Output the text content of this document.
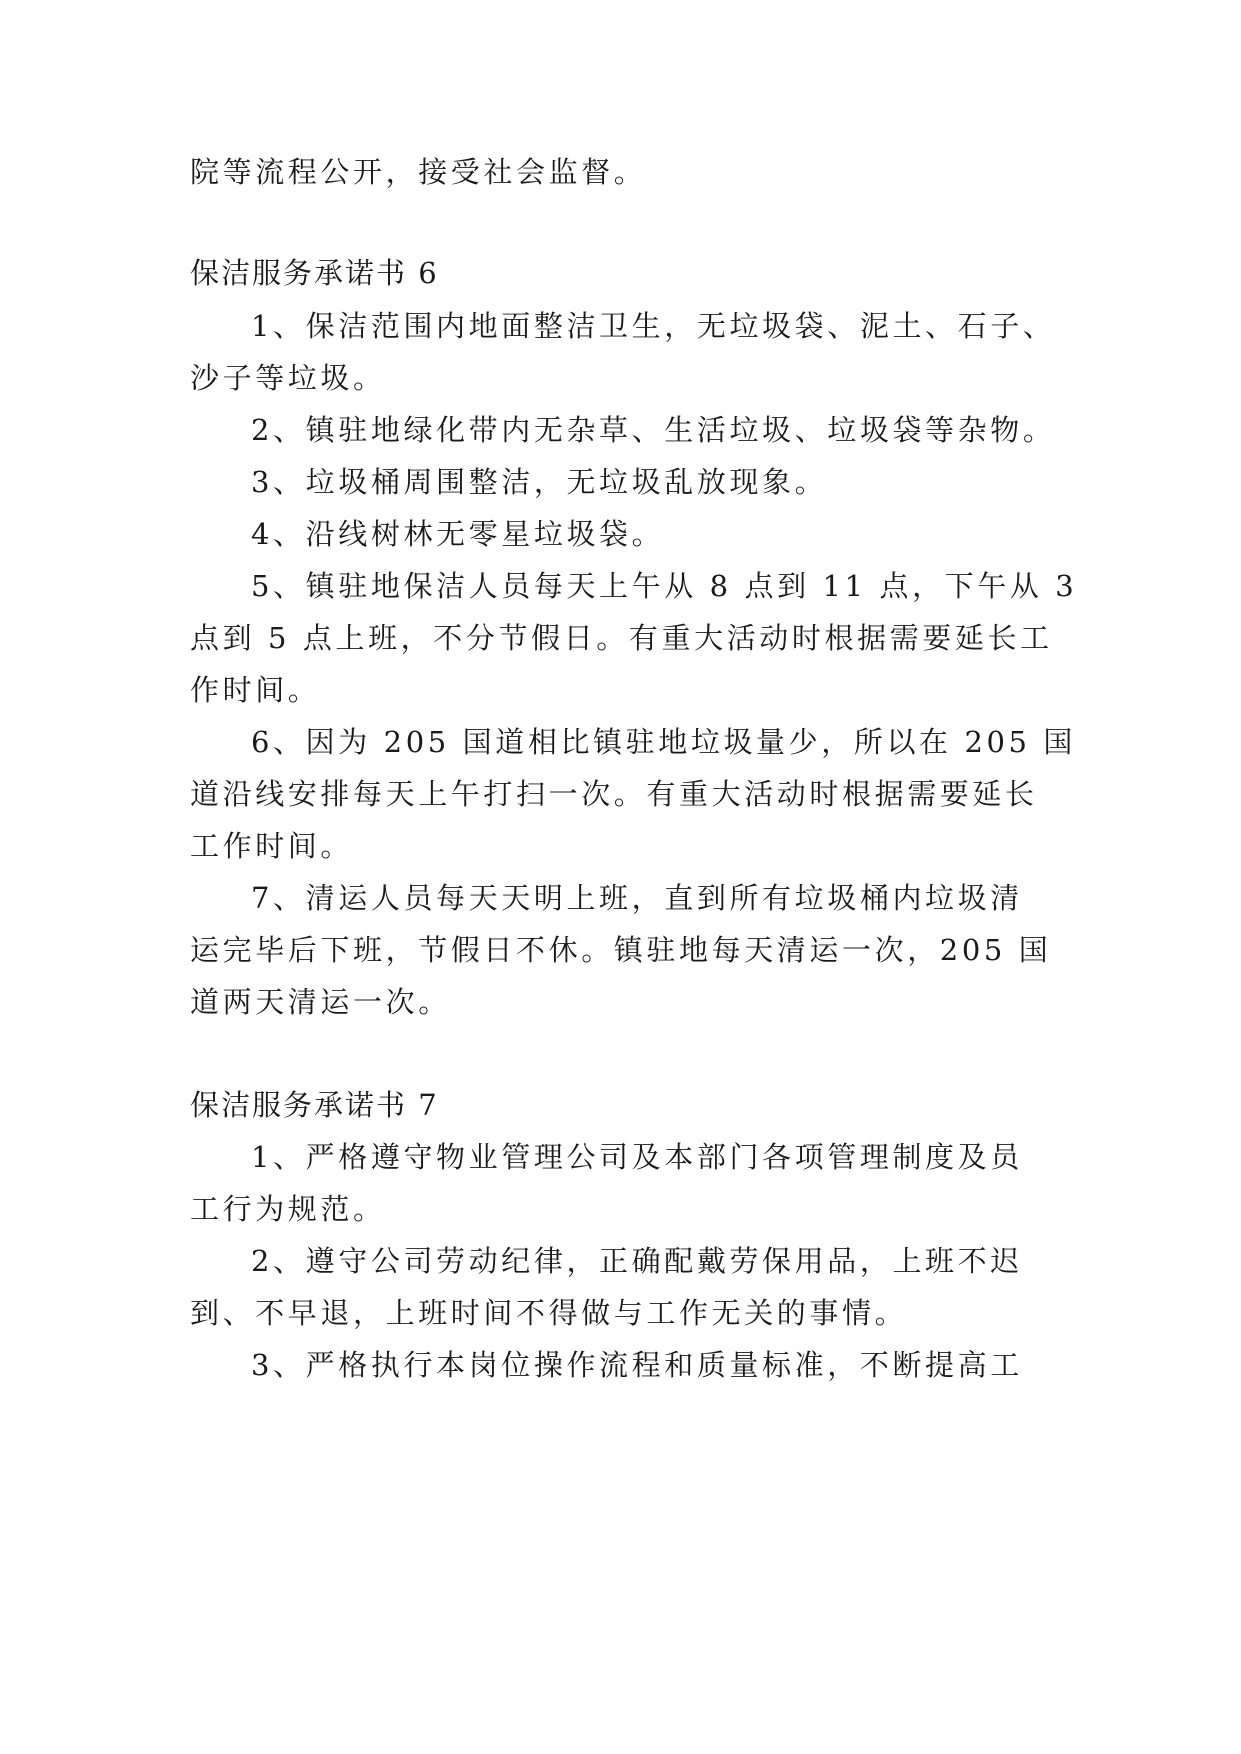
院等流程公开，接受社会监督。
保洁服务承诺书 6
1、保洁范围内地面整洁卫生，无垃圾袋、泥土、石子、
沙子等垃圾。
2、镇驻地绿化带内无杂草、生活垃圾、垃圾袋等杂物。
3、垃圾桶周围整洁，无垃圾乱放现象。
4、沿线树林无零星垃圾袋。
5、镇驻地保洁人员每天上午从 8 点到 11 点，下午从 3
点到 5 点上班，不分节假日。有重大活动时根据需要延长工
作时间。
6、因为 205 国道相比镇驻地垃圾量少，所以在 205 国
道沿线安排每天上午打扫一次。有重大活动时根据需要延长
工作时间。
7、清运人员每天天明上班，直到所有垃圾桶内垃圾清
运完毕后下班，节假日不休。镇驻地每天清运一次，205 国
道两天清运一次。
保洁服务承诺书 7
1、严格遵守物业管理公司及本部门各项管理制度及员
工行为规范。
2、遵守公司劳动纪律，正确配戴劳保用品，上班不迟
到、不早退，上班时间不得做与工作无关的事情。
3、严格执行本岗位操作流程和质量标准，不断提高工
